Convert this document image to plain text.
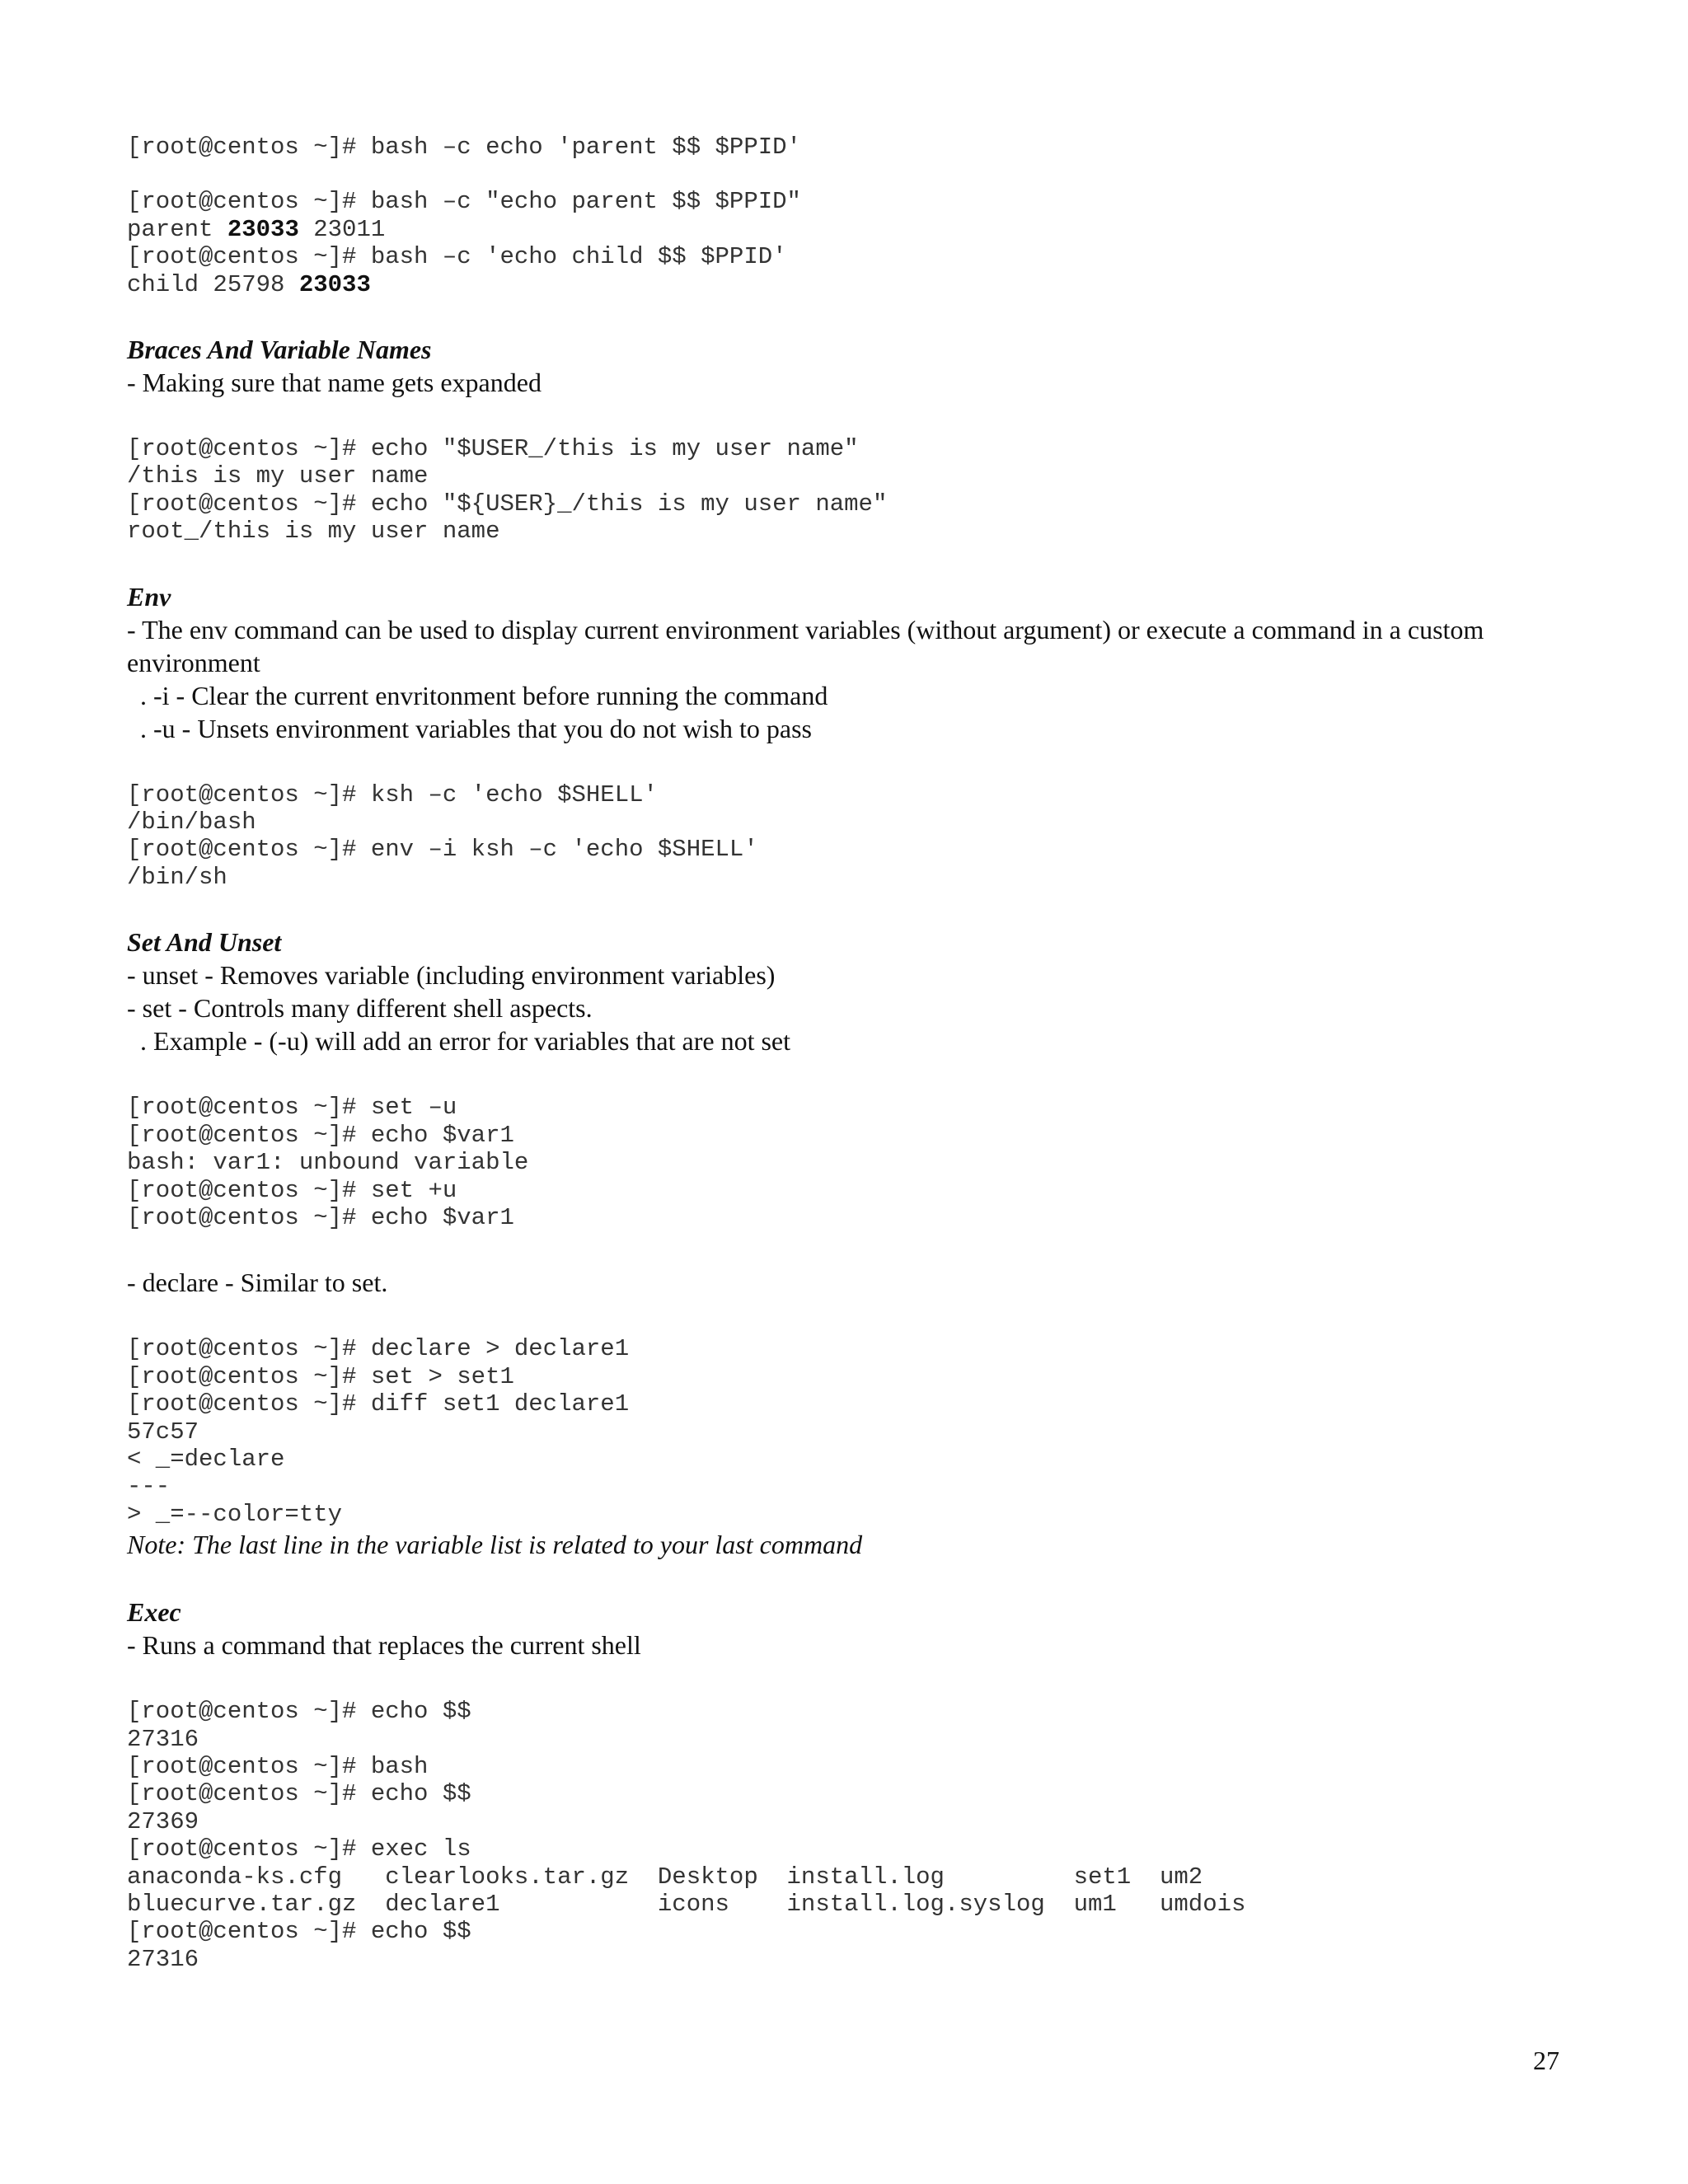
[root@centos ~]# bash –c echo 'parent $$ $PPID'
[root@centos ~]# bash –c "echo parent $$ $PPID"
parent 23033 23011
[root@centos ~]# bash –c 'echo child $$ $PPID'
child 25798 23033
Braces And Variable Names
- Making sure that name gets expanded
[root@centos ~]# echo "$USER_/this is my user name"
/this is my user name
[root@centos ~]# echo "${USER}_/this is my user name"
root_/this is my user name
Env
- The env command can be used to display current environment variables (without argument) or execute a command in a custom
environment
. -i - Clear the current envritonment before running the command
. -u - Unsets environment variables that you do not wish to pass
[root@centos ~]# ksh –c 'echo $SHELL'
/bin/bash
[root@centos ~]# env –i ksh –c 'echo $SHELL'
/bin/sh
Set And Unset
- unset - Removes variable (including environment variables)
- set - Controls many different shell aspects.
. Example - (-u) will add an error for variables that are not set
[root@centos ~]# set –u
[root@centos ~]# echo $var1
bash: var1: unbound variable
[root@centos ~]# set +u
[root@centos ~]# echo $var1
- declare - Similar to set.
[root@centos ~]# declare > declare1
[root@centos ~]# set > set1
[root@centos ~]# diff set1 declare1
57c57
< _=declare
---
> _=--color=tty
Note: The last line in the variable list is related to your last command
Exec
- Runs a command that replaces the current shell
[root@centos ~]# echo $$
27316
[root@centos ~]# bash
[root@centos ~]# echo $$
27369
[root@centos ~]# exec ls
anaconda-ks.cfg   clearlooks.tar.gz  Desktop  install.log         set1  um2
bluecurve.tar.gz  declare1           icons    install.log.syslog  um1   umdois
[root@centos ~]# echo $$
27316
27
